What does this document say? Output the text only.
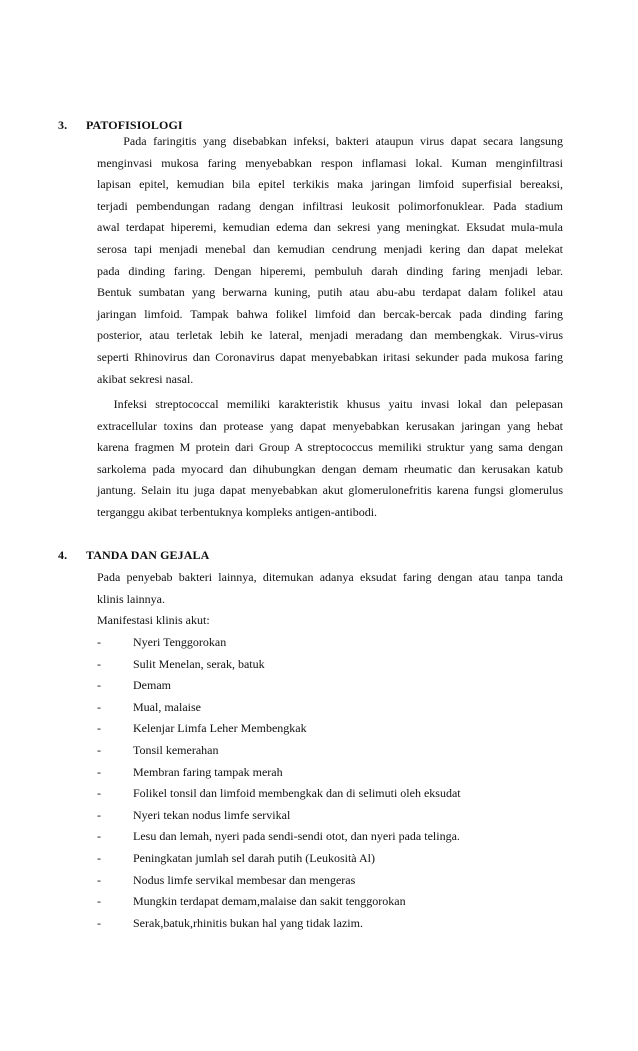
3. PATOFISIOLOGI
Pada faringitis yang disebabkan infeksi, bakteri ataupun virus dapat secara langsung
menginvasi mukosa faring menyebabkan respon inflamasi lokal. Kuman menginfiltrasi
lapisan epitel, kemudian bila epitel terkikis maka jaringan limfoid superfisial bereaksi,
terjadi pembendungan radang dengan infiltrasi leukosit polimorfonuklear. Pada stadium
awal terdapat hiperemi, kemudian edema dan sekresi yang meningkat. Eksudat mula-mula
serosa tapi menjadi menebal dan kemudian cendrung menjadi kering dan dapat melekat
pada dinding faring. Dengan hiperemi, pembuluh darah dinding faring menjadi lebar.
Bentuk sumbatan yang berwarna kuning, putih atau abu-abu terdapat dalam folikel atau
jaringan limfoid. Tampak bahwa folikel limfoid dan bercak-bercak pada dinding faring
posterior, atau terletak lebih ke lateral, menjadi meradang dan membengkak. Virus-virus
seperti Rhinovirus dan Coronavirus dapat menyebabkan iritasi sekunder pada mukosa faring
akibat sekresi nasal.
Infeksi streptococcal memiliki karakteristik khusus yaitu invasi lokal dan pelepasan
extracellular toxins dan protease yang dapat menyebabkan kerusakan jaringan yang hebat
karena fragmen M protein dari Group A streptococcus memiliki struktur yang sama dengan
sarkolema pada myocard dan dihubungkan dengan demam rheumatic dan kerusakan katub
jantung. Selain itu juga dapat menyebabkan akut glomerulonefritis karena fungsi glomerulus
terganggu akibat terbentuknya kompleks antigen-antibodi.
4. TANDA DAN GEJALA
Pada penyebab bakteri lainnya, ditemukan adanya eksudat faring dengan atau tanpa tanda
klinis lainnya.
Manifestasi klinis akut:
-	Nyeri Tenggorokan
-	Sulit Menelan, serak, batuk
-	Demam
-	Mual, malaise
-	Kelenjar Limfa Leher Membengkak
-	Tonsil kemerahan
-	Membran faring tampak merah
-	Folikel tonsil dan limfoid membengkak dan di selimuti oleh eksudat
-	Nyeri tekan nodus limfe servikal
-	Lesu dan lemah, nyeri pada sendi-sendi otot, dan nyeri pada telinga.
-	Peningkatan jumlah sel darah putih (Leukosità Al)
-	Nodus limfe servikal membesar dan mengeras
-	Mungkin terdapat demam,malaise dan sakit tenggorokan
-	Serak,batuk,rhinitis bukan hal yang tidak lazim.
